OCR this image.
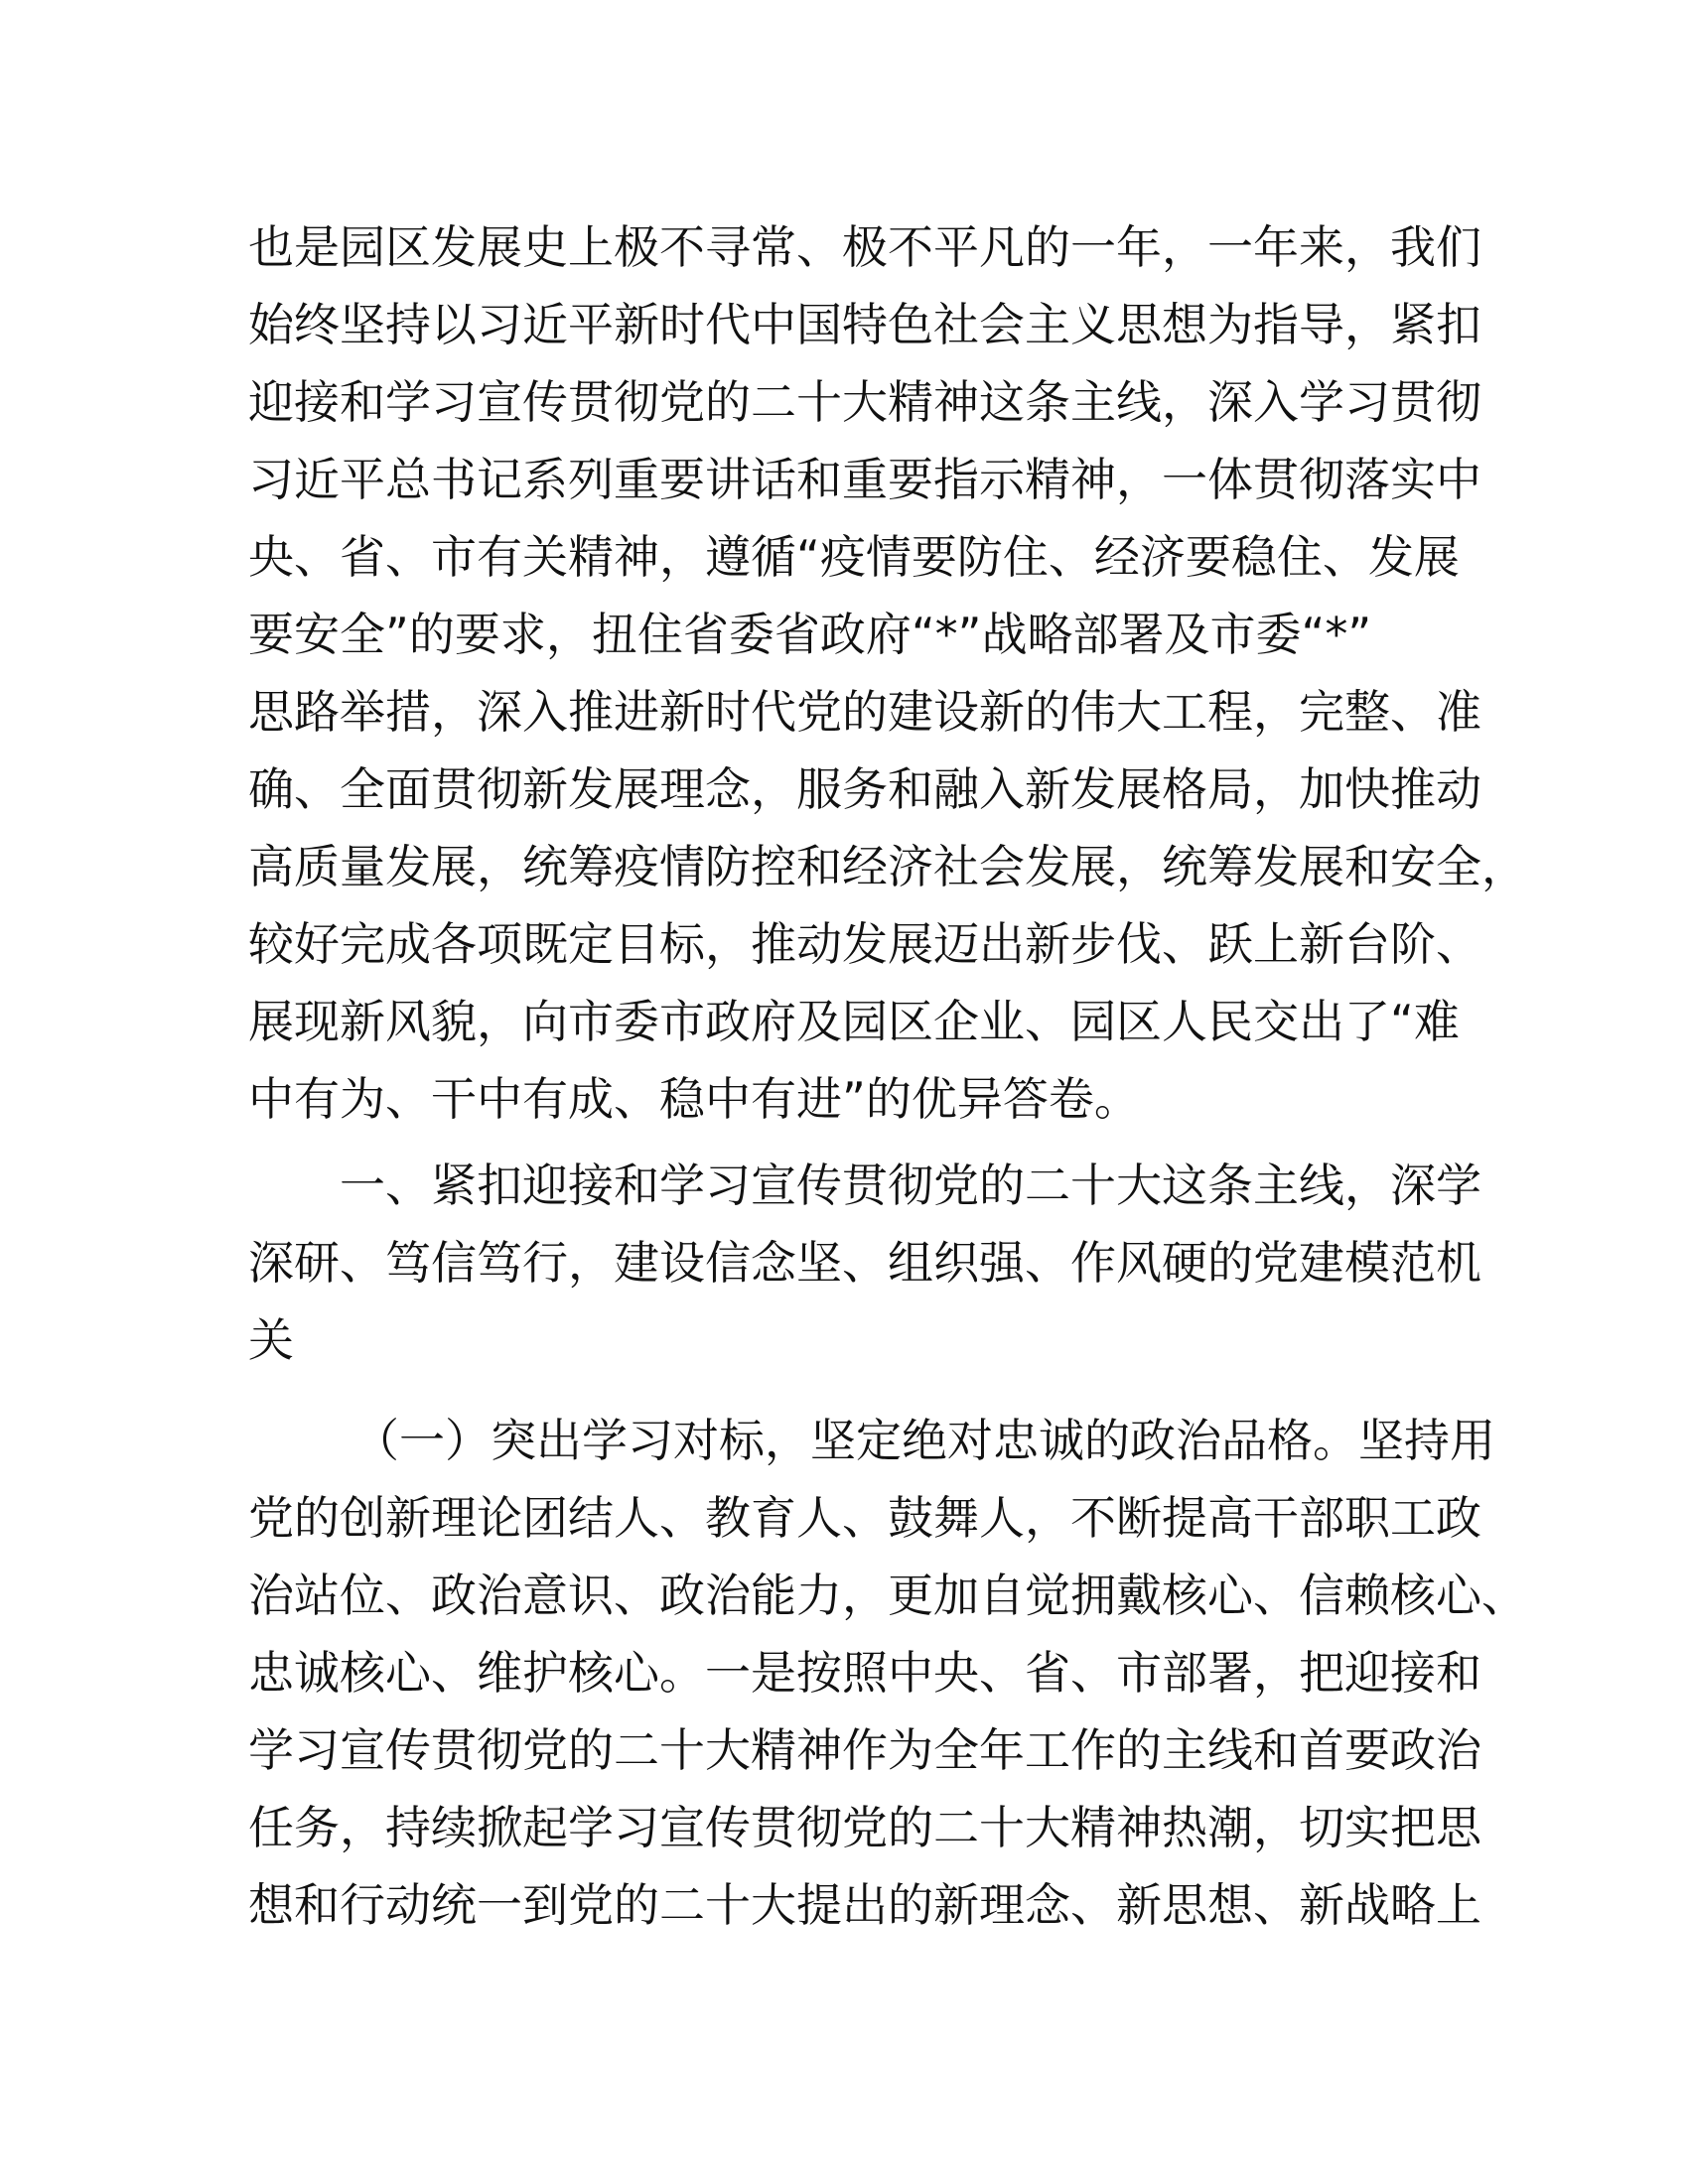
也是园区发展史上极不寻常、极不平凡的一年，一年来，我们
始终坚持以习近平新时代中国特色社会主义思想为指导，紧扣
迎接和学习宣传贯彻党的二十大精神这条主线，深入学习贯彻
习近平总书记系列重要讲话和重要指示精神，一体贯彻落实中
央、省、市有关精神，遵循“疫情要防住、经济要稳住、发展
要安全”的要求，扭住省委省政府“*”战略部署及市委“*”
思路举措，深入推进新时代党的建设新的伟大工程，完整、准
确、全面贯彻新发展理念，服务和融入新发展格局，加快推动
高质量发展，统筹疫情防控和经济社会发展，统筹发展和安全，
较好完成各项既定目标，推动发展迈出新步伐、跃上新台阶、
展现新风貌，向市委市政府及园区企业、园区人民交出了“难
中有为、干中有成、稳中有进”的优异答卷。
一、紧扣迎接和学习宣传贯彻党的二十大这条主线，深学
深研、笃信笃行，建设信念坚、组织强、作风硬的党建模范机
关
（一）突出学习对标，坚定绝对忠诚的政治品格。坚持用
党的创新理论团结人、教育人、鼓舞人，不断提高干部职工政
治站位、政治意识、政治能力，更加自觉拥戴核心、信赖核心、
忠诚核心、维护核心。一是按照中央、省、市部署，把迎接和
学习宣传贯彻党的二十大精神作为全年工作的主线和首要政治
任务，持续掀起学习宣传贯彻党的二十大精神热潮，切实把思
想和行动统一到党的二十大提出的新理念、新思想、新战略上
